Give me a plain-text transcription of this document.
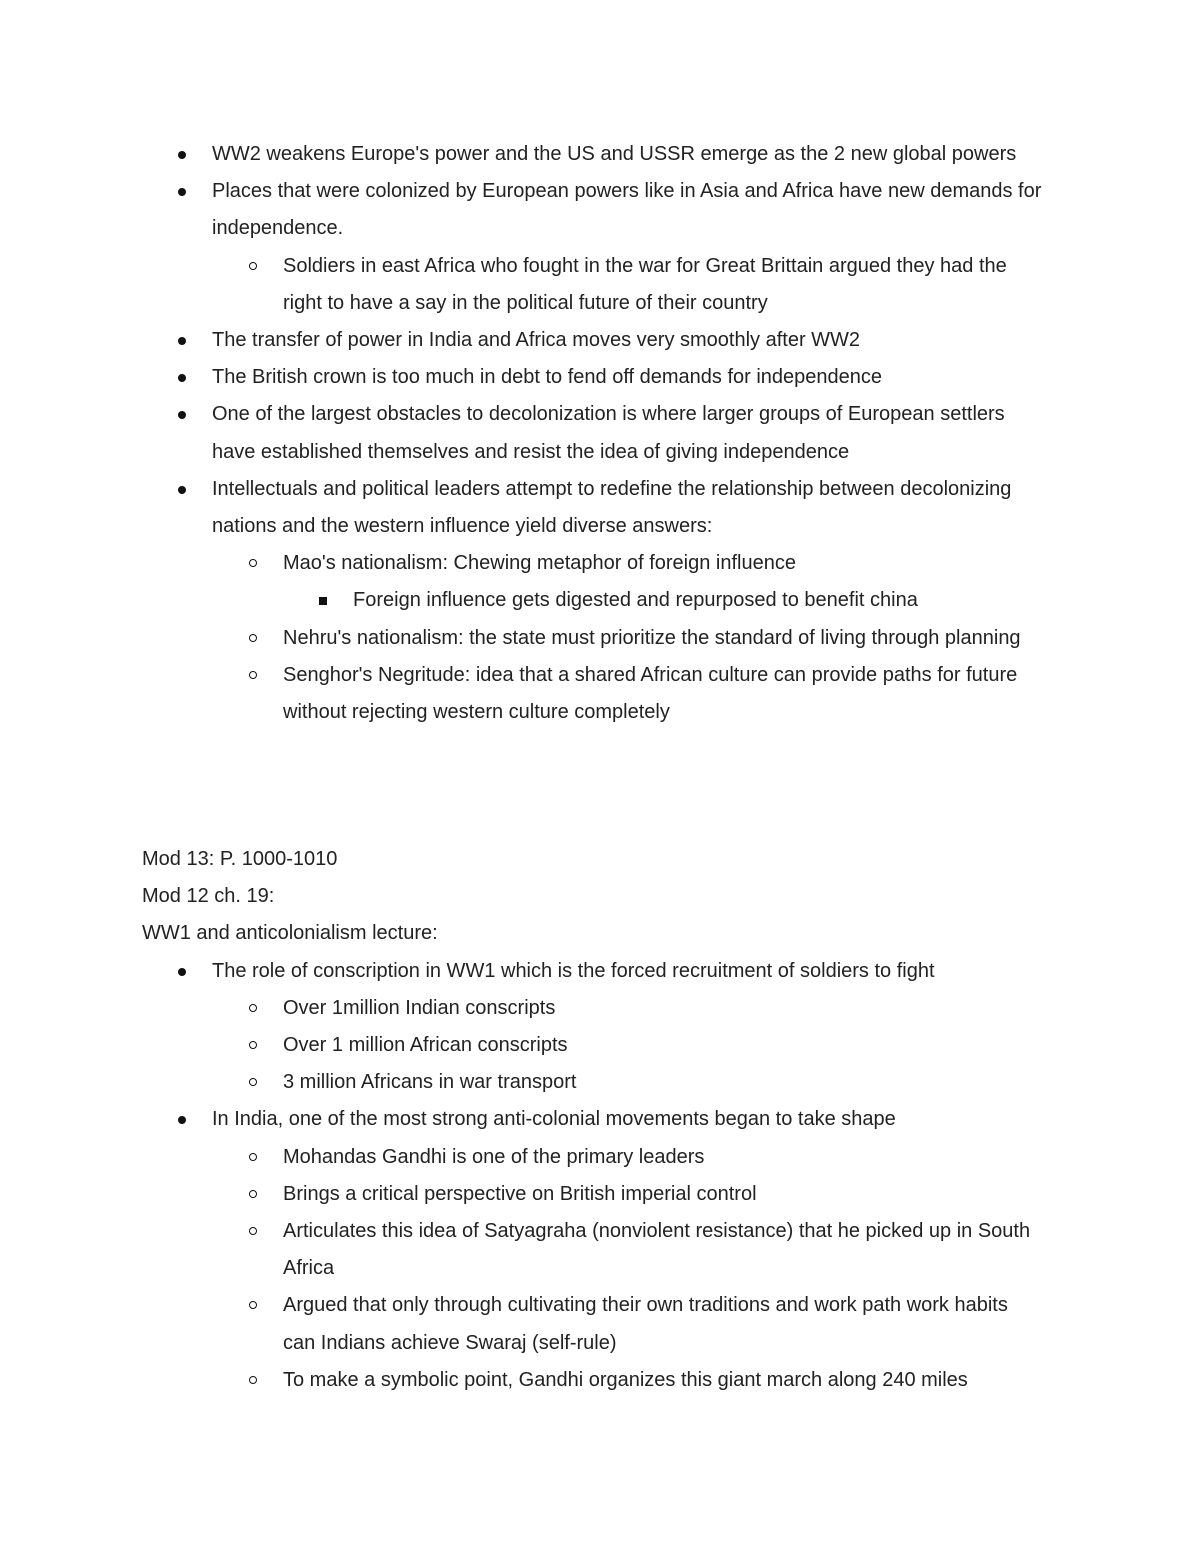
WW2 weakens Europe's power and the US and USSR emerge as the 2 new global powers

Places that were colonized by European powers like in Asia and Africa have new demands for independence.

Soldiers in east Africa who fought in the war for Great Brittain argued they had the right to have a say in the political future of their country

The transfer of power in India and Africa moves very smoothly after WW2

The British crown is too much in debt to fend off demands for independence

One of the largest obstacles to decolonization is where larger groups of European settlers have established themselves and resist the idea of giving independence

Intellectuals and political leaders attempt to redefine the relationship between decolonizing nations and the western influence yield diverse answers:

Mao's nationalism: Chewing metaphor of foreign influence

Foreign influence gets digested and repurposed to benefit china

Nehru's nationalism: the state must prioritize the standard of living through planning

Senghor's Negritude: idea that a shared African culture can provide paths for future without rejecting western culture completely

Mod 13: P. 1000-1010

Mod 12 ch. 19:

WW1 and anticolonialism lecture:

The role of conscription in WW1 which is the forced recruitment of soldiers to fight

Over 1million Indian conscripts

Over 1 million African conscripts

3 million Africans in war transport

In India, one of the most strong anti-colonial movements began to take shape

Mohandas Gandhi is one of the primary leaders

Brings a critical perspective on British imperial control

Articulates this idea of Satyagraha (nonviolent resistance) that he picked up in South Africa

Argued that only through cultivating their own traditions and work path work habits can Indians achieve Swaraj (self-rule)

To make a symbolic point, Gandhi organizes this giant march along 240 miles
